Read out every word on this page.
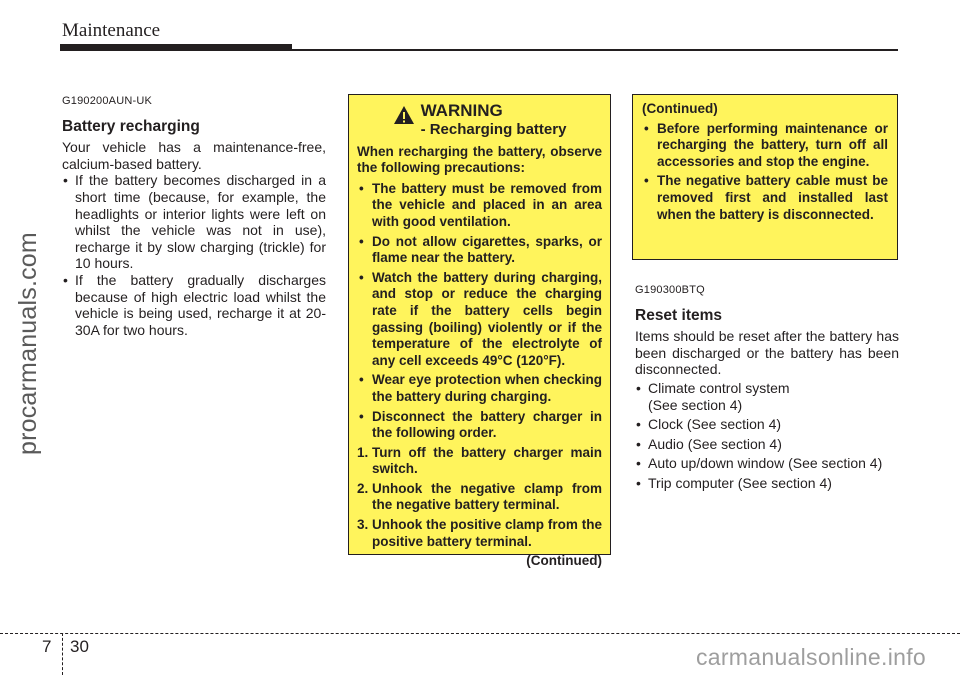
Maintenance
procarmanuals.com
G190200AUN-UK
Battery recharging

Your vehicle has a maintenance-free, calcium-based battery.

• If the battery becomes discharged in a short time (because, for example, the headlights or interior lights were left on whilst the vehicle was not in use), recharge it by slow charging (trickle) for 10 hours.
• If the battery gradually discharges because of high electric load whilst the vehicle is being used, recharge it at 20-30A for two hours.
WARNING
- Recharging battery
When recharging the battery, observe the following precautions:
• The battery must be removed from the vehicle and placed in an area with good ventilation.
• Do not allow cigarettes, sparks, or flame near the battery.
• Watch the battery during charging, and stop or reduce the charging rate if the battery cells begin gassing (boiling) violently or if the temperature of the electrolyte of any cell exceeds 49°C (120°F).
• Wear eye protection when checking the battery during charging.
• Disconnect the battery charger in the following order.
1. Turn off the battery charger main switch.
2. Unhook the negative clamp from the negative battery terminal.
3. Unhook the positive clamp from the positive battery terminal.
(Continued)
(Continued)
• Before performing maintenance or recharging the battery, turn off all accessories and stop the engine.
• The negative battery cable must be removed first and installed last when the battery is disconnected.
G190300BTQ
Reset items

Items should be reset after the battery has been discharged or the battery has been disconnected.

• Climate control system (See section 4)
• Clock (See section 4)
• Audio (See section 4)
• Auto up/down window (See section 4)
• Trip computer (See section 4)
7 30	carmanualsonline.info
